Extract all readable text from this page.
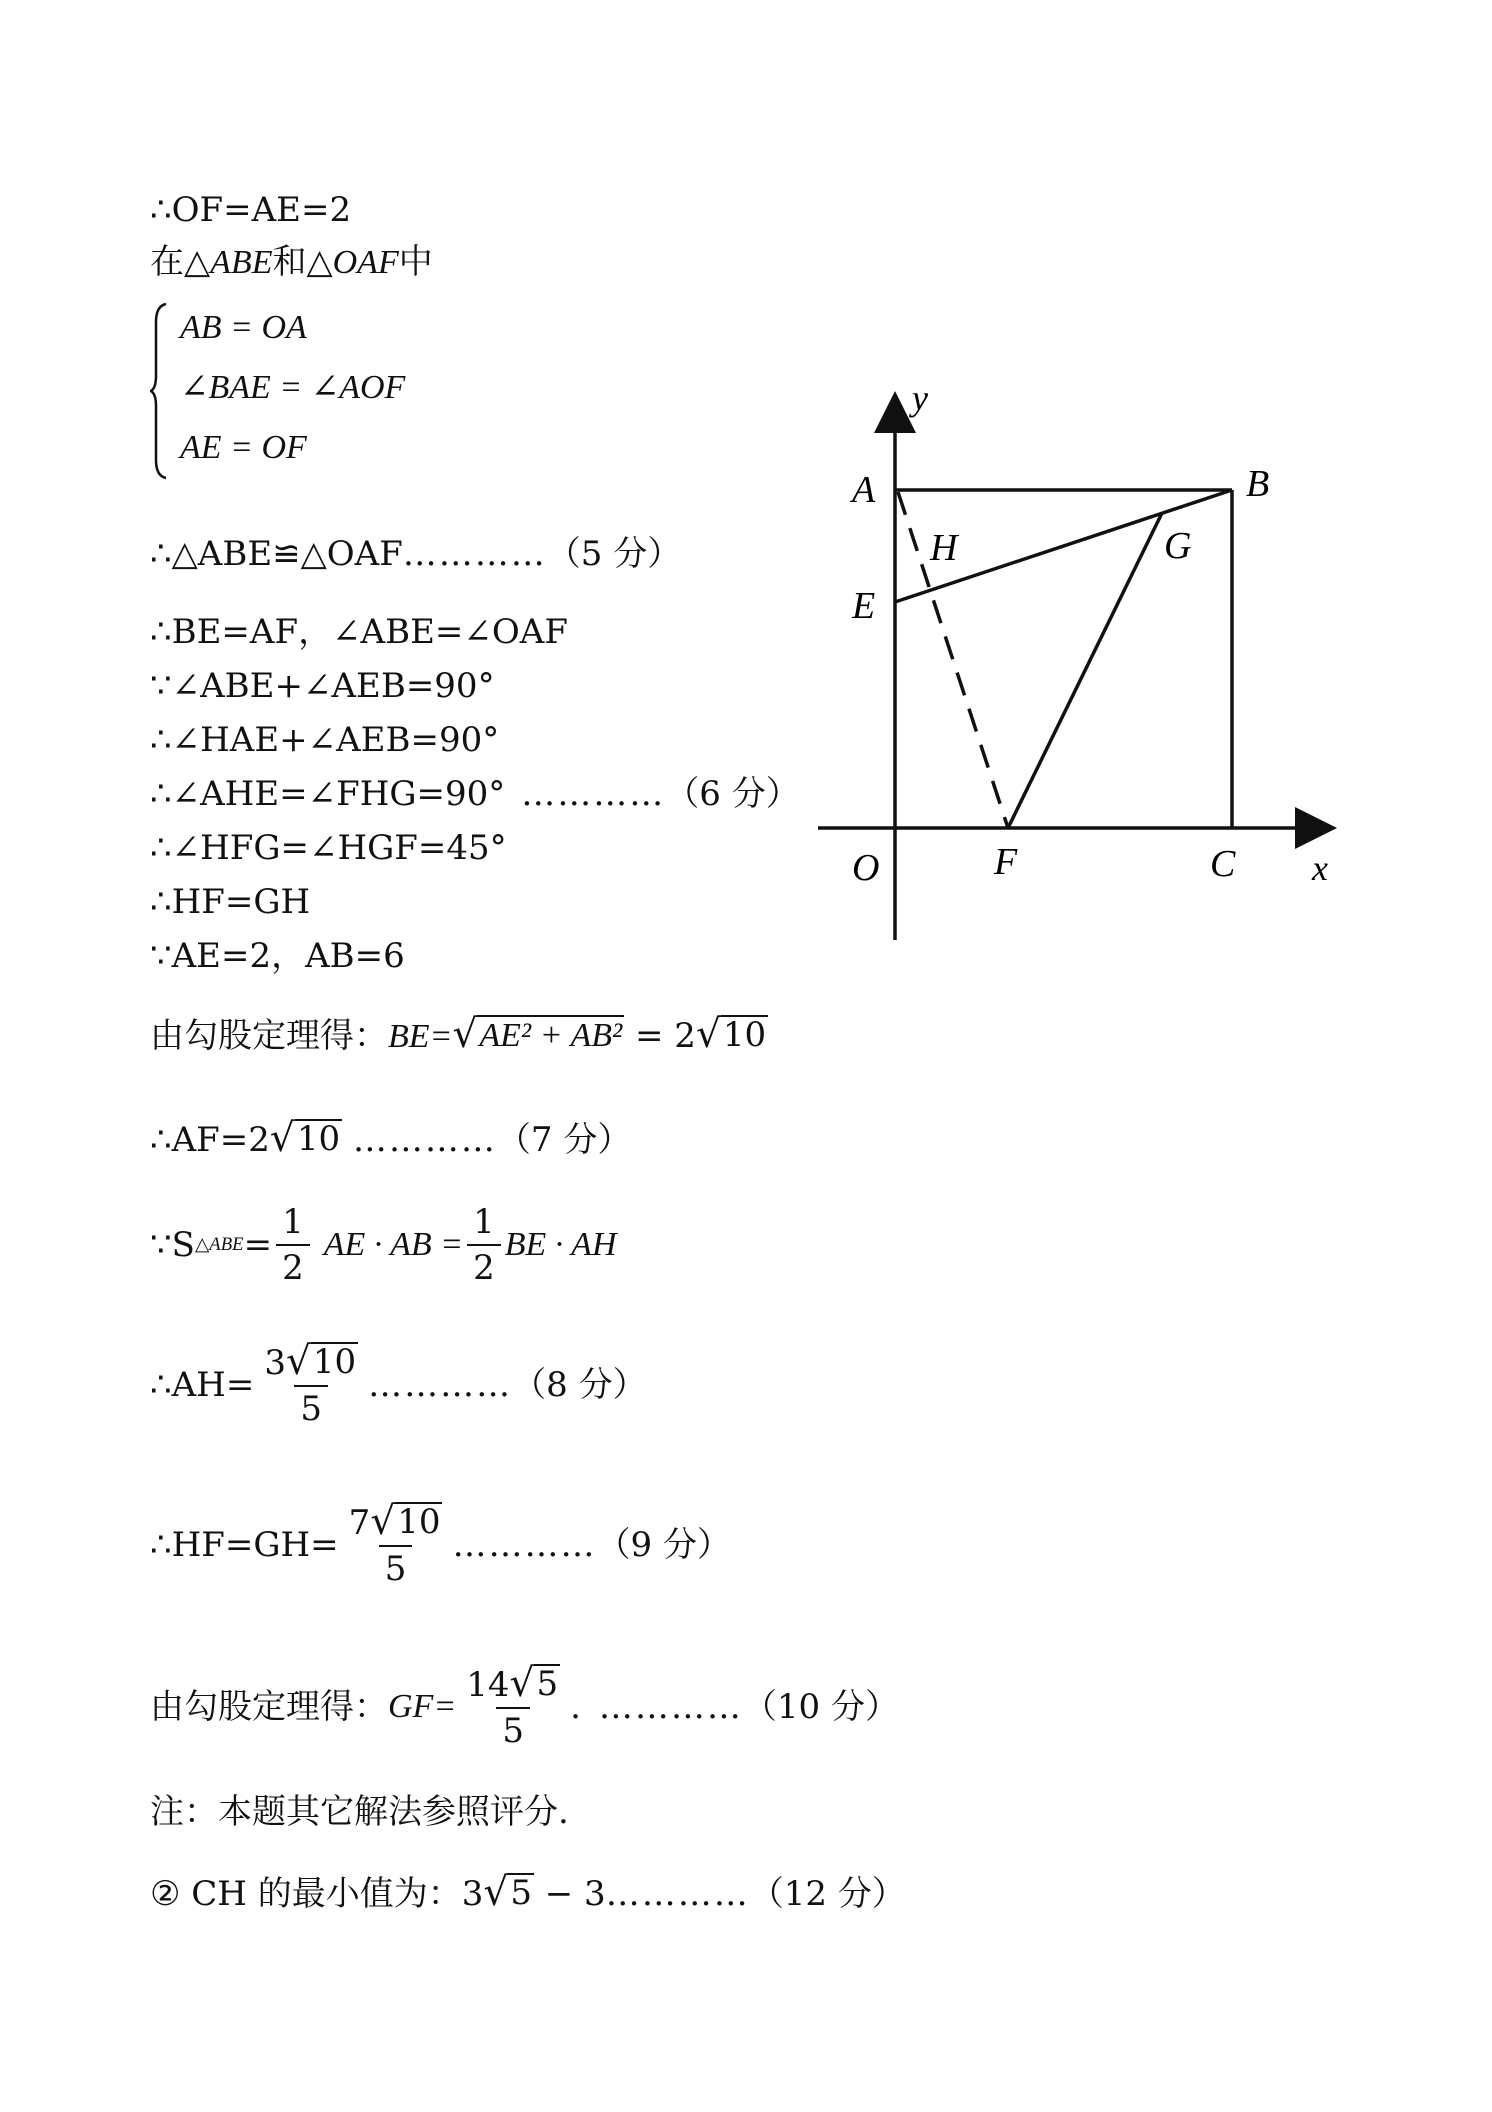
∴OF=AE=2
在△ABE和△OAF中
AB = OA
∠BAE = ∠AOF
AE = OF
∴△ABE≌△OAF…………（5 分）
∴BE=AF，∠ABE=∠OAF
∵∠ABE+∠AEB=90°
∴∠HAE+∠AEB=90°
∴∠AHE=∠FHG=90° …………（6 分）
∴∠HFG=∠HGF=45°
∴HF=GH
∵AE=2，AB=6
由勾股定理得：BE= √ AE² + AB² = 2 √ 10
∴AF=2 √ 10 …………（7 分）
∵S △ABE = $\frac{1}{2}$ AE · AB = $\frac{1}{2}$ BE · AH
∴AH= $\frac{3 √ 10}{5}$ ………… （8 分）
∴HF=GH= $\frac{7 √ 10}{5}$ ………… （9 分）
由勾股定理得： $GF= \frac{14 √ 5}{5}$ . ………… （10 分）
注：本题其它解法参照评分.
② CH 的最小值为：3 √ 5 − 3…………（12 分）
y
x
A	B
C
O
E
F
G
H
